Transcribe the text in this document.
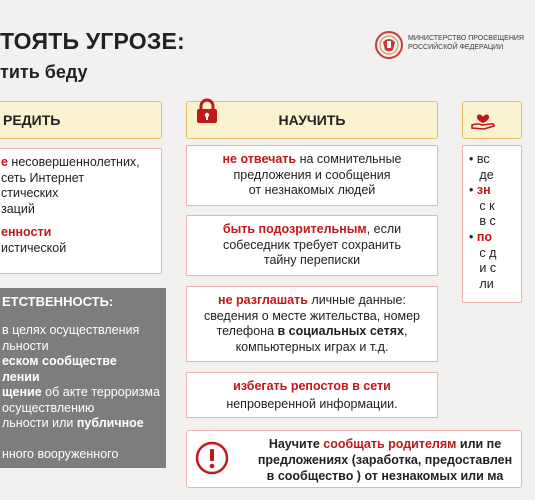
ТОЯТЬ УГРОЗЕ:
тить беду
МИНИСТЕРСТВО ПРОСВЕЩЕНИЯ
РОССИЙСКОЙ ФЕДЕРАЦИИ
РЕДИТЬ
е несовершеннолетних,
сеть Интернет
стических
заций
енности
истической
ЕТСТВЕННОСТЬ:
в целях осуществления
льности
еском сообществе
лении
щение об акте терроризма
осуществлению
льности или публичное

нного вооруженного
НАУЧИТЬ
не отвечать на сомнительные
предложения и сообщения
от незнакомых людей
быть подозрительным, если
собеседник требует сохранить
тайну переписки
не разглашать личные данные:
сведения о месте жительства, номер
телефона в социальных сетях,
компьютерных играх и т.д.
избегать репостов в сети
непроверенной информации.
• вс
де
• зн
с к
в с
• по
с д
и с
ли
Научите сообщать родителям или пе
предложениях (заработка, предоставлен
в сообщество ) от незнакомых или ма
